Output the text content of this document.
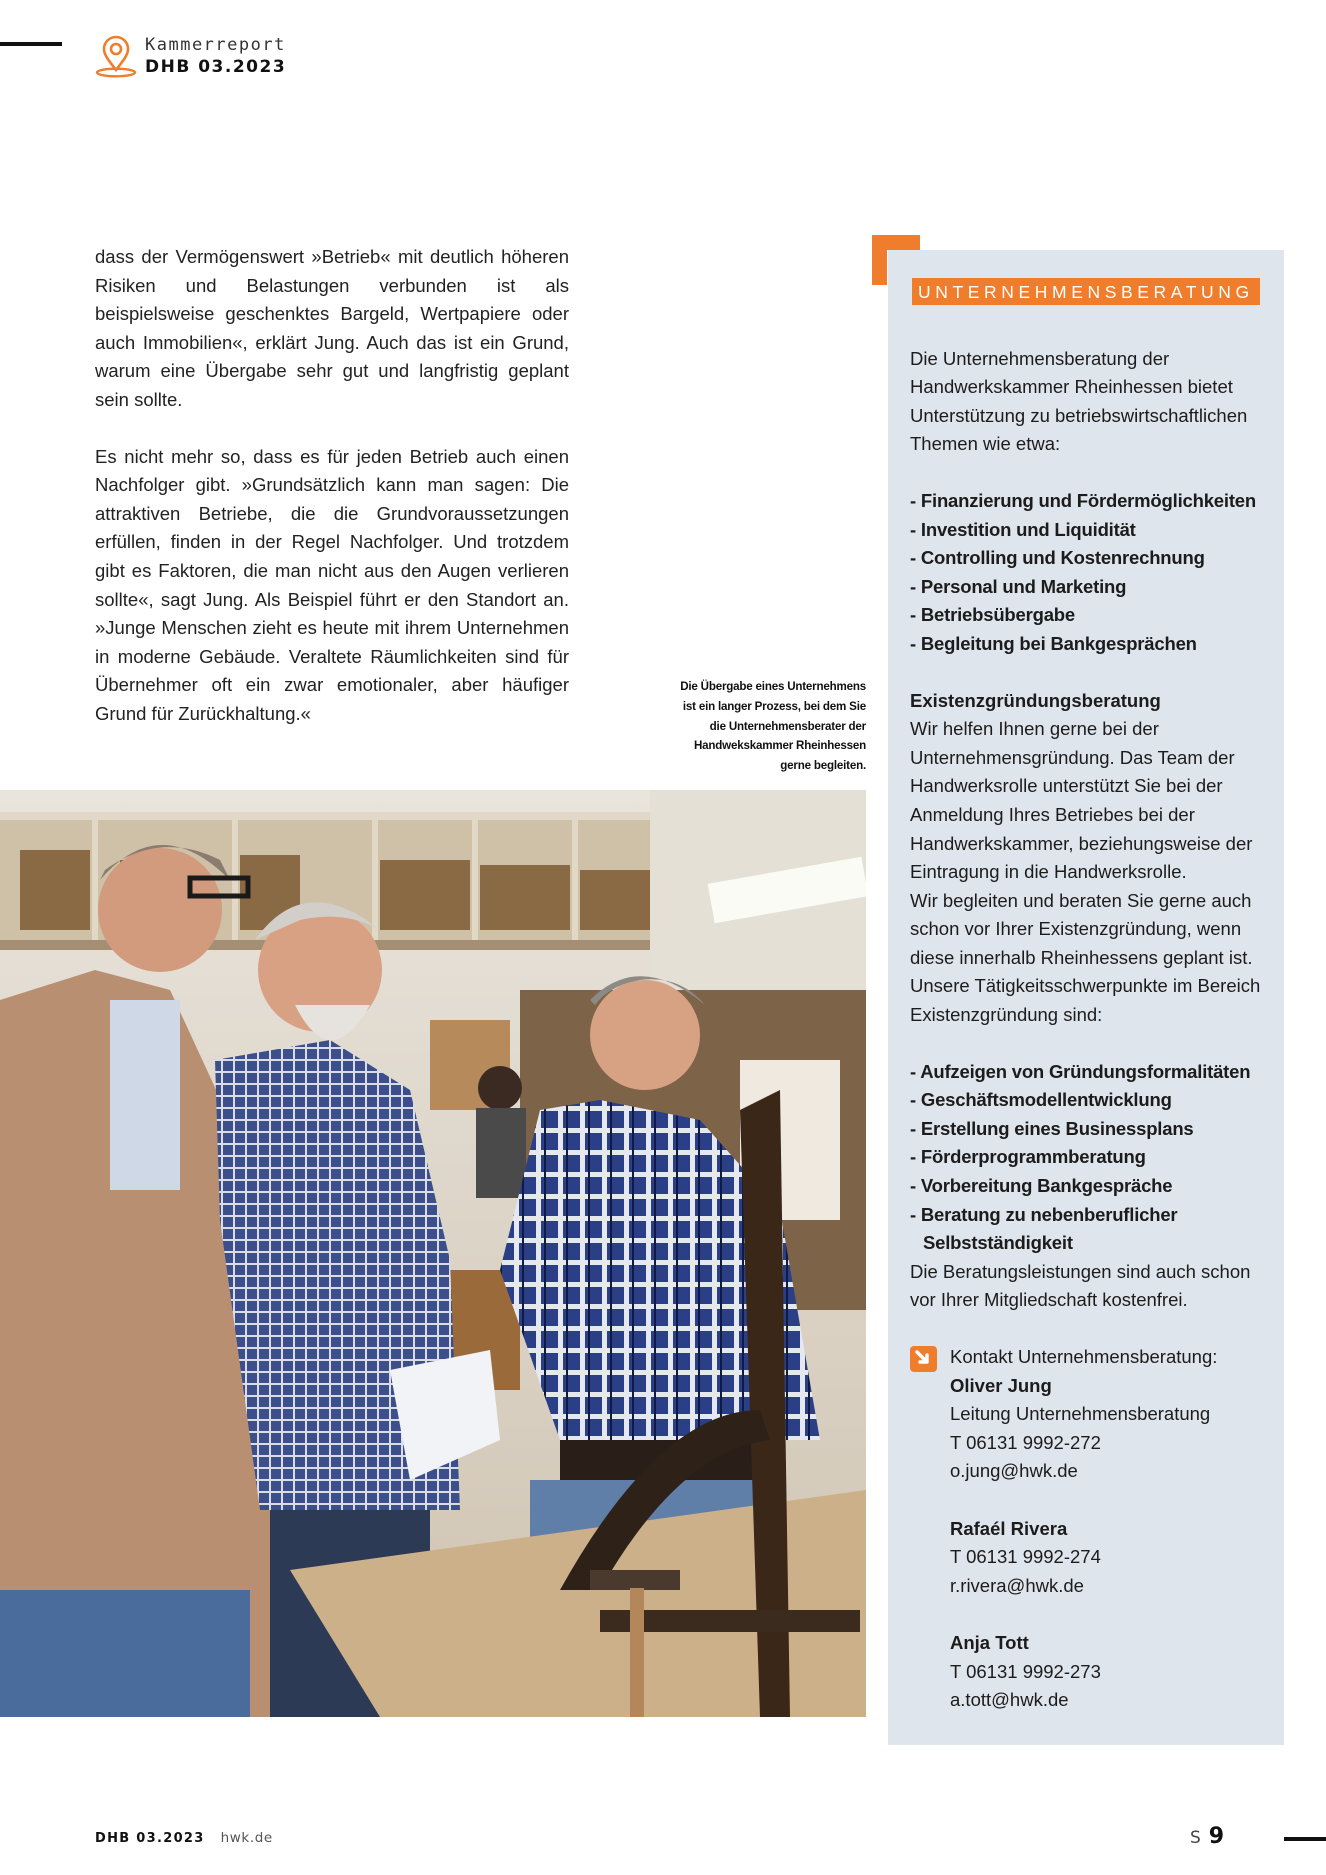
Kammerreport
DHB 03.2023

dass der Vermögenswert »Betrieb« mit deutlich höheren Risiken und Belastungen verbunden ist als beispielsweise geschenktes Bargeld, Wertpapiere oder auch Immobilien«, erklärt Jung. Auch das ist ein Grund, warum eine Übergabe sehr gut und langfristig geplant sein sollte.

Es nicht mehr so, dass es für jeden Betrieb auch einen Nachfolger gibt. »Grundsätzlich kann man sagen: Die attraktiven Betriebe, die die Grundvoraussetzungen erfüllen, finden in der Regel Nachfolger. Und trotzdem gibt es Faktoren, die man nicht aus den Augen verlieren sollte«, sagt Jung. Als Beispiel führt er den Standort an. »Junge Menschen zieht es heute mit ihrem Unternehmen in moderne Gebäude. Veraltete Räumlichkeiten sind für Übernehmer oft ein zwar emotionaler, aber häufiger Grund für Zurückhaltung.«

Die Übergabe eines Unternehmens ist ein langer Prozess, bei dem Sie die Unternehmensberater der Handwekskammer Rheinhessen gerne begleiten.
UNTERNEHMENSBERATUNG

Die Unternehmensberatung der Handwerkskammer Rheinhessen bietet Unterstützung zu betriebswirtschaftlichen Themen wie etwa:

- Finanzierung und Fördermöglichkeiten
- Investition und Liquidität
- Controlling und Kostenrechnung
- Personal und Marketing
- Betriebsübergabe
- Begleitung bei Bankgesprächen

Existenzgründungsberatung

Wir helfen Ihnen gerne bei der Unternehmensgründung. Das Team der Handwerksrolle unterstützt Sie bei der Anmeldung Ihres Betriebes bei der Handwerkskammer, beziehungsweise der Eintragung in die Handwerksrolle.

Wir begleiten und beraten Sie gerne auch schon vor Ihrer Existenzgründung, wenn diese innerhalb Rheinhessens geplant ist. Unsere Tätigkeitsschwerpunkte im Bereich Existenzgründung sind:

- Aufzeigen von Gründungsformalitäten
- Geschäftsmodellentwicklung
- Erstellung eines Businessplans
- Förderprogrammberatung
- Vorbereitung Bankgespräche
- Beratung zu nebenberuflicher Selbstständigkeit

Die Beratungsleistungen sind auch schon vor Ihrer Mitgliedschaft kostenfrei.

Kontakt Unternehmensberatung:
Oliver Jung
Leitung Unternehmensberatung
T 06131 9992-272
o.jung@hwk.de
Rafaél Rivera
T 06131 9992-274
r.rivera@hwk.de
Anja Tott
T 06131 9992-273
a.tott@hwk.de
DHB 03.2023 hwk.de	S 9
